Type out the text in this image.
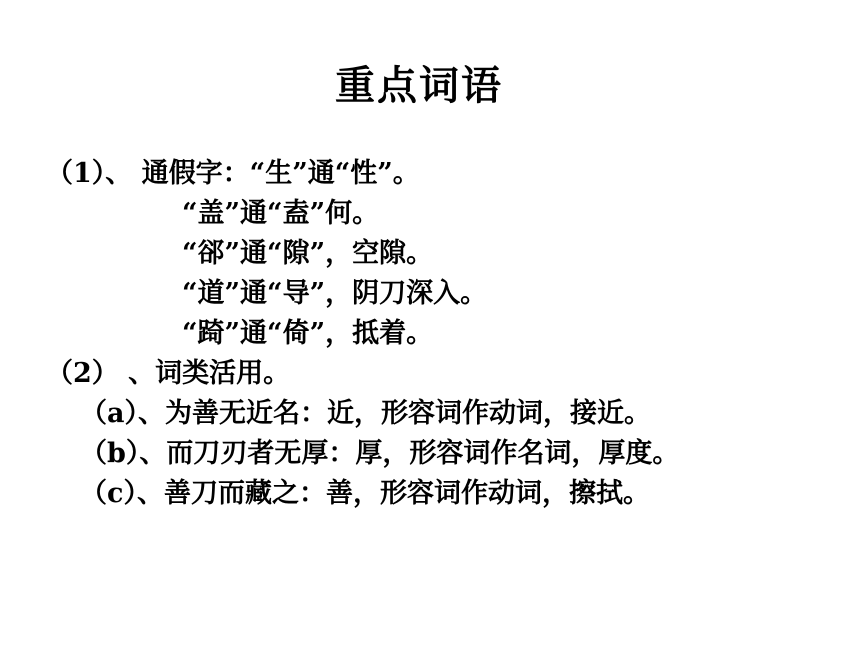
重点词语
（1）、 通假字：“生”通“性”。
“盖”通“盍”何。
“郤”通“隙”，空隙。
“道”通“导”，阴刀深入。
“踦”通“倚”，抵着。
（2） 、词类活用。
（a）、为善无近名：近，形容词作动词，接近。
（b）、而刀刃者无厚：厚，形容词作名词，厚度。
（c）、善刀而藏之：善，形容词作动词，擦拭。
